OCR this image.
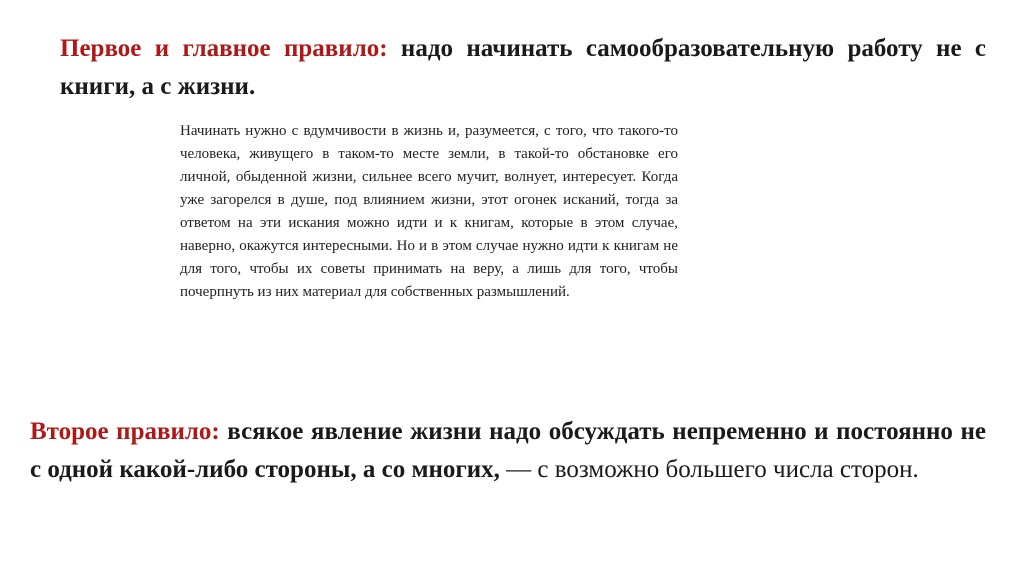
Первое и главное правило: надо начинать самообразовательную работу не с книги, а с жизни.
Начинать нужно с вдумчивости в жизнь и, разумеется, с того, что такого-то человека, живущего в таком-то месте земли, в такой-то обстановке его личной, обыденной жизни, сильнее всего мучит, волнует, интересует. Когда уже загорелся в душе, под влиянием жизни, этот огонек исканий, тогда за ответом на эти искания можно идти и к книгам, которые в этом случае, наверно, окажутся интересными. Но и в этом случае нужно идти к книгам не для того, чтобы их советы принимать на веру, а лишь для того, чтобы почерпнуть из них материал для собственных размышлений.
Второе правило: всякое явление жизни надо обсуждать непременно и постоянно не с одной какой-либо стороны, а со многих, — с возможно большего числа сторон.
